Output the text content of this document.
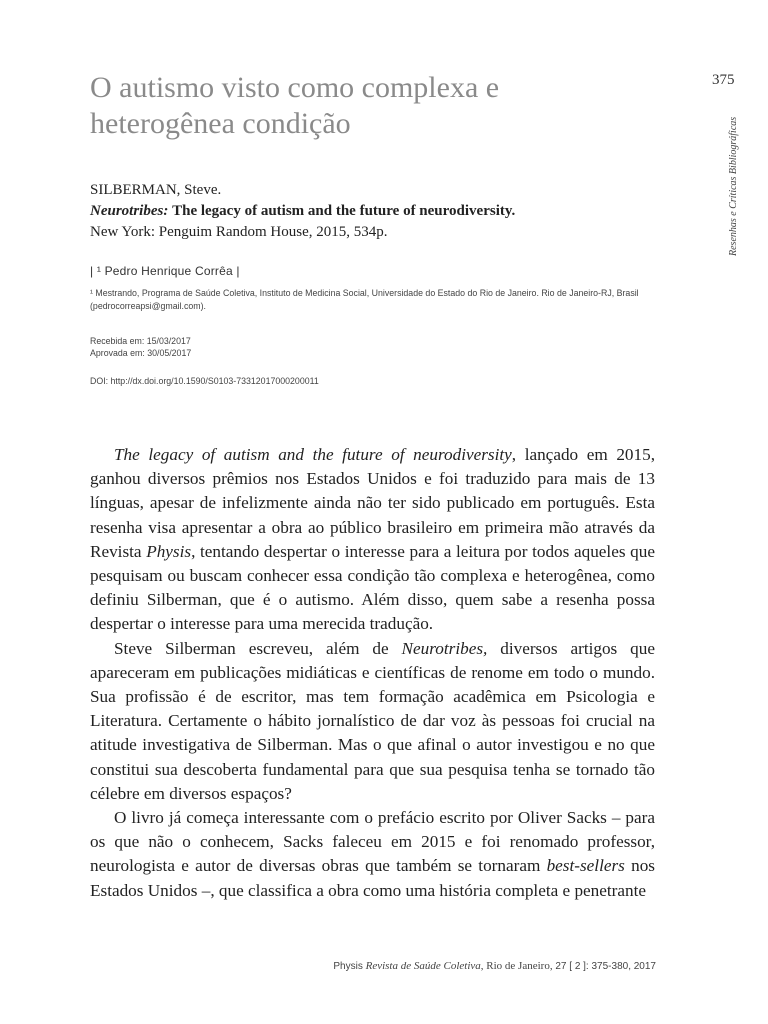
O autismo visto como complexa e
heterogênea condição
375
Resenhas e Críticas Bibliográficas
SILBERMAN, Steve.
Neurotribes: The legacy of autism and the future of neurodiversity.
New York: Penguim Random House, 2015, 534p.
| ¹ Pedro Henrique Corrêa |
¹ Mestrando, Programa de Saúde Coletiva, Instituto de Medicina Social, Universidade do Estado do Rio de Janeiro. Rio de Janeiro-RJ, Brasil (pedrocorreapsi@gmail.com).
Recebida em: 15/03/2017
Aprovada em: 30/05/2017
DOI: http://dx.doi.org/10.1590/S0103-73312017000200011

The legacy of autism and the future of neurodiversity, lançado em 2015, ganhou diversos prêmios nos Estados Unidos e foi traduzido para mais de 13 línguas, apesar de infelizmente ainda não ter sido publicado em português. Esta resenha visa apresentar a obra ao público brasileiro em primeira mão através da Revista Physis, tentando despertar o interesse para a leitura por todos aqueles que pesquisam ou buscam conhecer essa condição tão complexa e heterogênea, como definiu Silberman, que é o autismo. Além disso, quem sabe a resenha possa despertar o interesse para uma merecida tradução.

Steve Silberman escreveu, além de Neurotribes, diversos artigos que apareceram em publicações midiáticas e científicas de renome em todo o mundo. Sua profissão é de escritor, mas tem formação acadêmica em Psicologia e Literatura. Certamente o hábito jornalístico de dar voz às pessoas foi crucial na atitude investigativa de Silberman. Mas o que afinal o autor investigou e no que constitui sua descoberta fundamental para que sua pesquisa tenha se tornado tão célebre em diversos espaços?

O livro já começa interessante com o prefácio escrito por Oliver Sacks – para os que não o conhecem, Sacks faleceu em 2015 e foi renomado professor, neurologista e autor de diversas obras que também se tornaram best-sellers nos Estados Unidos –, que classifica a obra como uma história completa e penetrante

Physis Revista de Saúde Coletiva, Rio de Janeiro, 27 [ 2 ]: 375-380, 2017
